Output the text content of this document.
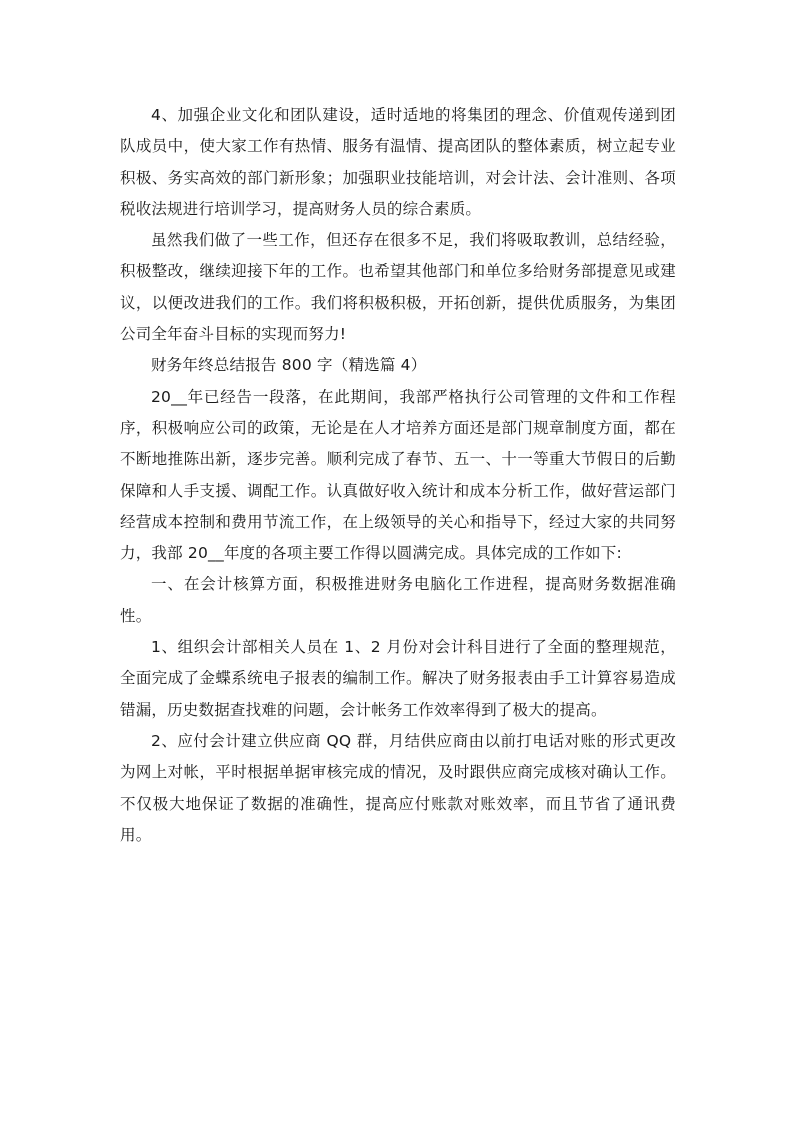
4、加强企业文化和团队建设，适时适地的将集团的理念、价值观传递到团队成员中，使大家工作有热情、服务有温情、提高团队的整体素质，树立起专业积极、务实高效的部门新形象；加强职业技能培训，对会计法、会计准则、各项税收法规进行培训学习，提高财务人员的综合素质。

虽然我们做了一些工作，但还存在很多不足，我们将吸取教训，总结经验，积极整改，继续迎接下年的工作。也希望其他部门和单位多给财务部提意见或建议，以便改进我们的工作。我们将积极积极，开拓创新，提供优质服务，为集团公司全年奋斗目标的实现而努力!

财务年终总结报告 800 字（精选篇 4）

20__年已经告一段落，在此期间，我部严格执行公司管理的文件和工作程序，积极响应公司的政策，无论是在人才培养方面还是部门规章制度方面，都在不断地推陈出新，逐步完善。顺利完成了春节、五一、十一等重大节假日的后勤保障和人手支援、调配工作。认真做好收入统计和成本分析工作，做好营运部门经营成本控制和费用节流工作，在上级领导的关心和指导下，经过大家的共同努力，我部 20__年度的各项主要工作得以圆满完成。具体完成的工作如下:

一、在会计核算方面，积极推进财务电脑化工作进程，提高财务数据准确性。

1、组织会计部相关人员在 1、2 月份对会计科目进行了全面的整理规范，全面完成了金蝶系统电子报表的编制工作。解决了财务报表由手工计算容易造成错漏，历史数据查找难的问题，会计帐务工作效率得到了极大的提高。

2、应付会计建立供应商 QQ 群，月结供应商由以前打电话对账的形式更改为网上对帐，平时根据单据审核完成的情况，及时跟供应商完成核对确认工作。不仅极大地保证了数据的准确性，提高应付账款对账效率，而且节省了通讯费用。
